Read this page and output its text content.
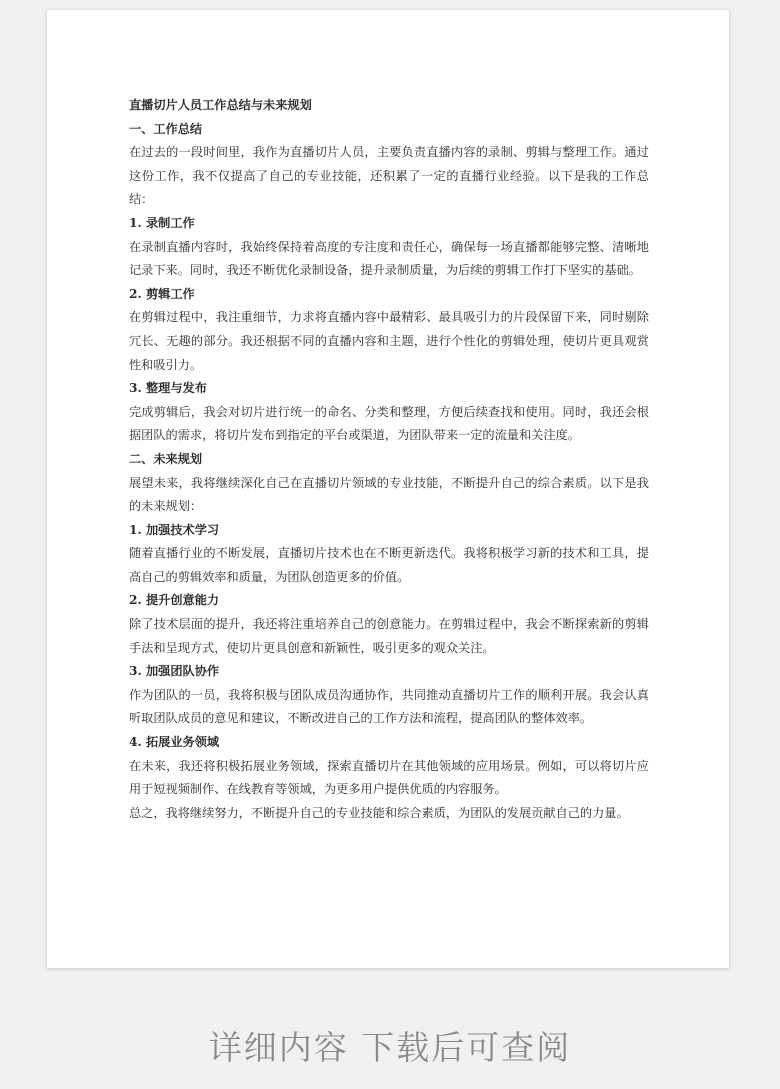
直播切片人员工作总结与未来规划

一、工作总结

在过去的一段时间里，我作为直播切片人员，主要负责直播内容的录制、剪辑与整理工作。通过这份工作，我不仅提高了自己的专业技能，还积累了一定的直播行业经验。以下是我的工作总结：

1. 录制工作

在录制直播内容时，我始终保持着高度的专注度和责任心，确保每一场直播都能够完整、清晰地记录下来。同时，我还不断优化录制设备，提升录制质量，为后续的剪辑工作打下坚实的基础。

2. 剪辑工作

在剪辑过程中，我注重细节，力求将直播内容中最精彩、最具吸引力的片段保留下来，同时剔除冗长、无趣的部分。我还根据不同的直播内容和主题，进行个性化的剪辑处理，使切片更具观赏性和吸引力。

3. 整理与发布

完成剪辑后，我会对切片进行统一的命名、分类和整理，方便后续查找和使用。同时，我还会根据团队的需求，将切片发布到指定的平台或渠道，为团队带来一定的流量和关注度。

二、未来规划

展望未来，我将继续深化自己在直播切片领域的专业技能，不断提升自己的综合素质。以下是我的未来规划：

1. 加强技术学习

随着直播行业的不断发展，直播切片技术也在不断更新迭代。我将积极学习新的技术和工具，提高自己的剪辑效率和质量，为团队创造更多的价值。

2. 提升创意能力

除了技术层面的提升，我还将注重培养自己的创意能力。在剪辑过程中，我会不断探索新的剪辑手法和呈现方式，使切片更具创意和新颖性，吸引更多的观众关注。

3. 加强团队协作

作为团队的一员，我将积极与团队成员沟通协作，共同推动直播切片工作的顺利开展。我会认真听取团队成员的意见和建议，不断改进自己的工作方法和流程，提高团队的整体效率。

4. 拓展业务领域

在未来，我还将积极拓展业务领域，探索直播切片在其他领域的应用场景。例如，可以将切片应用于短视频制作、在线教育等领域，为更多用户提供优质的内容服务。

总之，我将继续努力，不断提升自己的专业技能和综合素质，为团队的发展贡献自己的力量。

详细内容 下载后可查阅
